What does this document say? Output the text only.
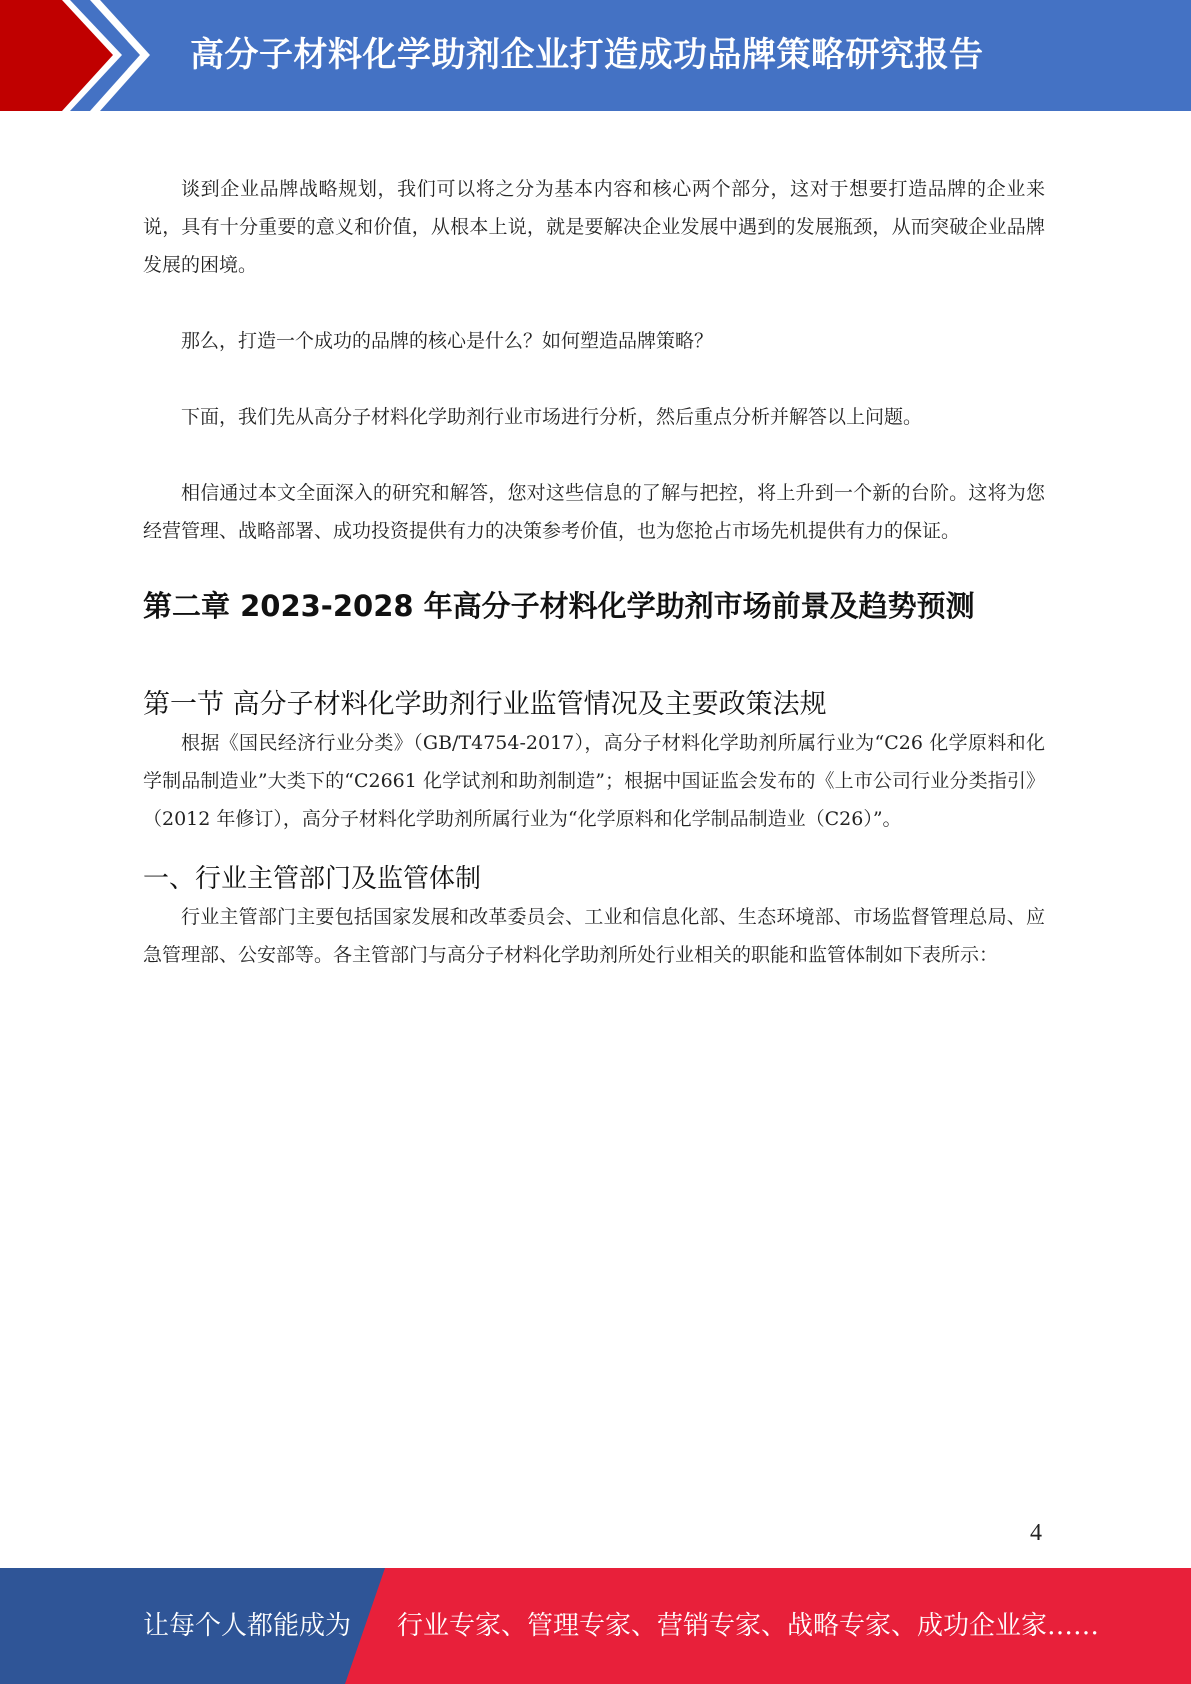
高分子材料化学助剂企业打造成功品牌策略研究报告

谈到企业品牌战略规划，我们可以将之分为基本内容和核心两个部分，这对于想要打造品牌的企业来说，具有十分重要的意义和价值，从根本上说，就是要解决企业发展中遇到的发展瓶颈，从而突破企业品牌发展的困境。

那么，打造一个成功的品牌的核心是什么？如何塑造品牌策略？

下面，我们先从高分子材料化学助剂行业市场进行分析，然后重点分析并解答以上问题。

相信通过本文全面深入的研究和解答，您对这些信息的了解与把控，将上升到一个新的台阶。这将为您经营管理、战略部署、成功投资提供有力的决策参考价值，也为您抢占市场先机提供有力的保证。

第二章 2023-2028 年高分子材料化学助剂市场前景及趋势预测
第一节 高分子材料化学助剂行业监管情况及主要政策法规

根据《国民经济行业分类》（GB/T4754-2017），高分子材料化学助剂所属行业为“C26 化学原料和化学制品制造业”大类下的“C2661 化学试剂和助剂制造”；根据中国证监会发布的《上市公司行业分类指引》（2012 年修订），高分子材料化学助剂所属行业为“化学原料和化学制品制造业（C26）”。

一、行业主管部门及监管体制

行业主管部门主要包括国家发展和改革委员会、工业和信息化部、生态环境部、市场监督管理总局、应急管理部、公安部等。各主管部门与高分子材料化学助剂所处行业相关的职能和监管体制如下表所示：

4
让每个人都能成为 行业专家、管理专家、营销专家、战略专家、成功企业家……
